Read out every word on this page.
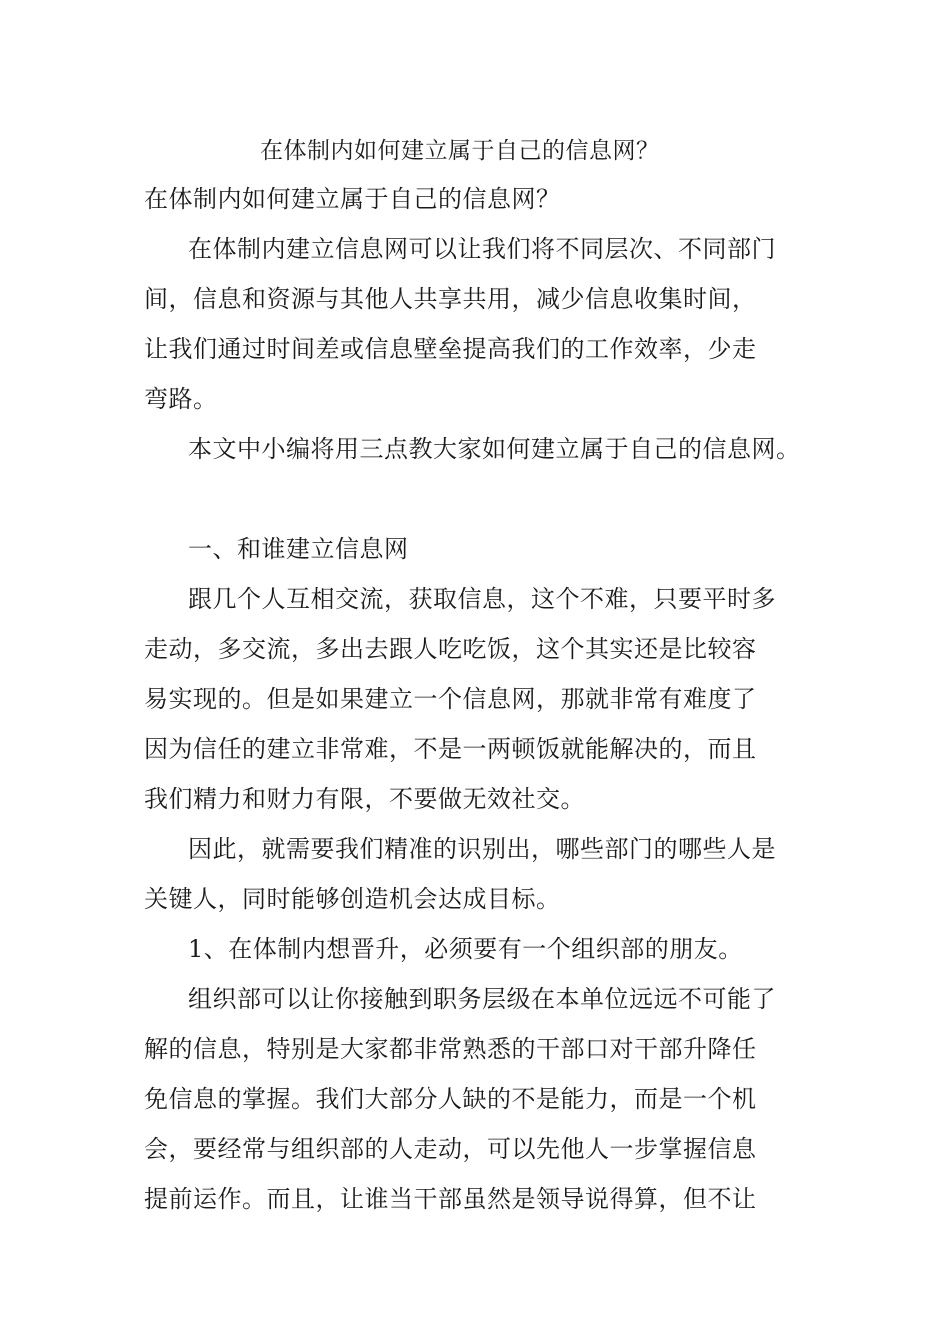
在体制内如何建立属于自己的信息网？
在体制内如何建立属于自己的信息网？
在体制内建立信息网可以让我们将不同层次、不同部门
间，信息和资源与其他人共享共用，减少信息收集时间，
让我们通过时间差或信息壁垒提高我们的工作效率，少走
弯路。
本文中小编将用三点教大家如何建立属于自己的信息网。
一、和谁建立信息网
跟几个人互相交流，获取信息，这个不难，只要平时多
走动，多交流，多出去跟人吃吃饭，这个其实还是比较容
易实现的。但是如果建立一个信息网，那就非常有难度了
因为信任的建立非常难，不是一两顿饭就能解决的，而且
我们精力和财力有限，不要做无效社交。
因此，就需要我们精准的识别出，哪些部门的哪些人是
关键人，同时能够创造机会达成目标。
1、在体制内想晋升，必须要有一个组织部的朋友。
组织部可以让你接触到职务层级在本单位远远不可能了
解的信息，特别是大家都非常熟悉的干部口对干部升降任
免信息的掌握。我们大部分人缺的不是能力，而是一个机
会，要经常与组织部的人走动，可以先他人一步掌握信息
提前运作。而且，让谁当干部虽然是领导说得算，但不让
